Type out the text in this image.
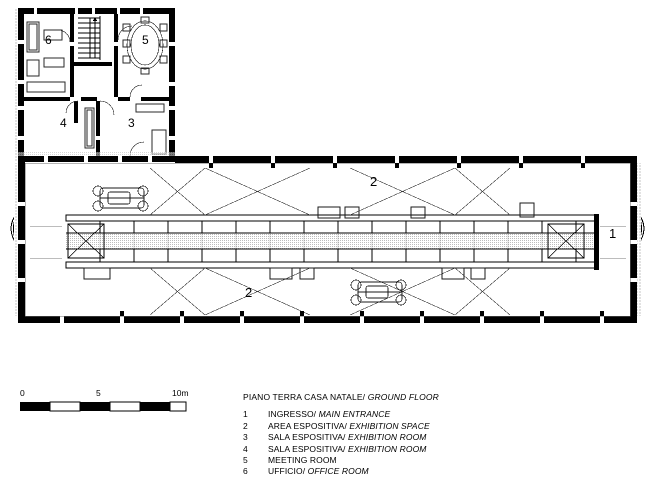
6	5
4	3
1
2
2
0	5	10m	PIANO TERRA CASA NATALE/ GROUND FLOOR
1 INGRESSO/ MAIN ENTRANCE
2 AREA ESPOSITIVA/ EXHIBITION SPACE
3 SALA ESPOSITIVA/ EXHIBITION ROOM
4 SALA ESPOSITIVA/ EXHIBITION ROOM
5 MEETING ROOM
6 UFFICIO/ OFFICE ROOM
